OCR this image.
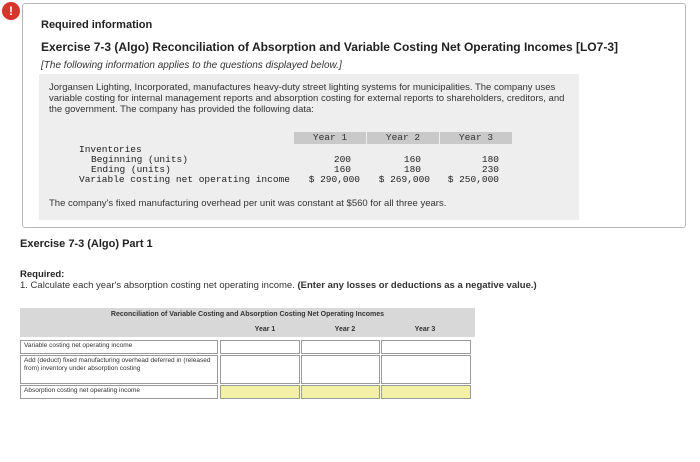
!
Required information
Exercise 7-3 (Algo) Reconciliation of Absorption and Variable Costing Net Operating Incomes [LO7-3]
[The following information applies to the questions displayed below.]
Jorgansen Lighting, Incorporated, manufactures heavy-duty street lighting systems for municipalities. The company uses variable costing for internal management reports and absorption costing for external reports to shareholders, creditors, and the government. The company has provided the following data:
Year 1	Year 2	Year 3
Inventories
Beginning (units)	200	160	180
Ending (units)	160	180	230
Variable costing net operating income	$ 290,000	$ 269,000	$ 250,000
The company's fixed manufacturing overhead per unit was constant at $560 for all three years.
Exercise 7-3 (Algo) Part 1
Required:
1. Calculate each year's absorption costing net operating income. (Enter any losses or deductions as a negative value.)
Reconciliation of Variable Costing and Absorption Costing Net Operating Incomes
Year 1	Year 2	Year 3
Variable costing net operating income
Add (deduct) fixed manufacturing overhead deferred in (released from) inventory under absorption costing
Absorption costing net operating income
